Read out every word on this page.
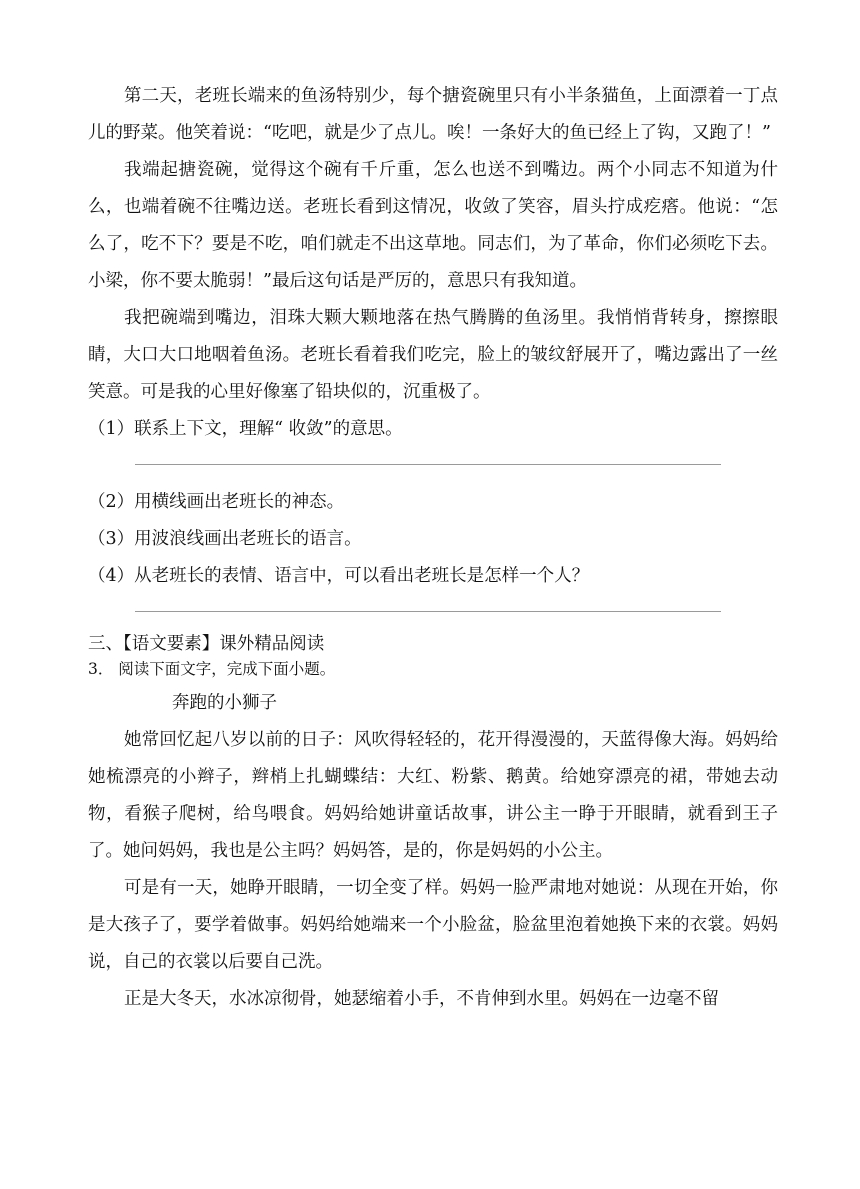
第二天，老班长端来的鱼汤特别少，每个搪瓷碗里只有小半条猫鱼，上面漂着一丁点儿的野菜。他笑着说：“吃吧，就是少了点儿。唉！一条好大的鱼已经上了钩，又跑了！”

我端起搪瓷碗，觉得这个碗有千斤重，怎么也送不到嘴边。两个小同志不知道为什么，也端着碗不往嘴边送。老班长看到这情况，收敛了笑容，眉头拧成疙瘩。他说：“怎么了，吃不下？要是不吃，咱们就走不出这草地。同志们，为了革命，你们必须吃下去。小梁，你不要太脆弱！”最后这句话是严厉的，意思只有我知道。

我把碗端到嘴边，泪珠大颗大颗地落在热气腾腾的鱼汤里。我悄悄背转身，擦擦眼睛，大口大口地咽着鱼汤。老班长看着我们吃完，脸上的皱纹舒展开了，嘴边露出了一丝笑意。可是我的心里好像塞了铅块似的，沉重极了。

（1）联系上下文，理解“ 收敛”的意思。

（2）用横线画出老班长的神态。

（3）用波浪线画出老班长的语言。

（4）从老班长的表情、语言中，可以看出老班长是怎样一个人？

三、【语文要素】课外精品阅读

3． 阅读下面文字，完成下面小题。

奔跑的小狮子

她常回忆起八岁以前的日子：风吹得轻轻的，花开得漫漫的，天蓝得像大海。妈妈给她梳漂亮的小辫子，辫梢上扎蝴蝶结：大红、粉紫、鹅黄。给她穿漂亮的裙，带她去动物，看猴子爬树，给鸟喂食。妈妈给她讲童话故事，讲公主一睁于开眼睛，就看到王子了。她问妈妈，我也是公主吗？妈妈答，是的，你是妈妈的小公主。

可是有一天，她睁开眼睛，一切全变了样。妈妈一脸严肃地对她说：从现在开始，你是大孩子了，要学着做事。妈妈给她端来一个小脸盆，脸盆里泡着她换下来的衣裳。妈妈说，自己的衣裳以后要自己洗。

正是大冬天，水冰凉彻骨，她瑟缩着小手，不肯伸到水里。妈妈在一边毫不留
